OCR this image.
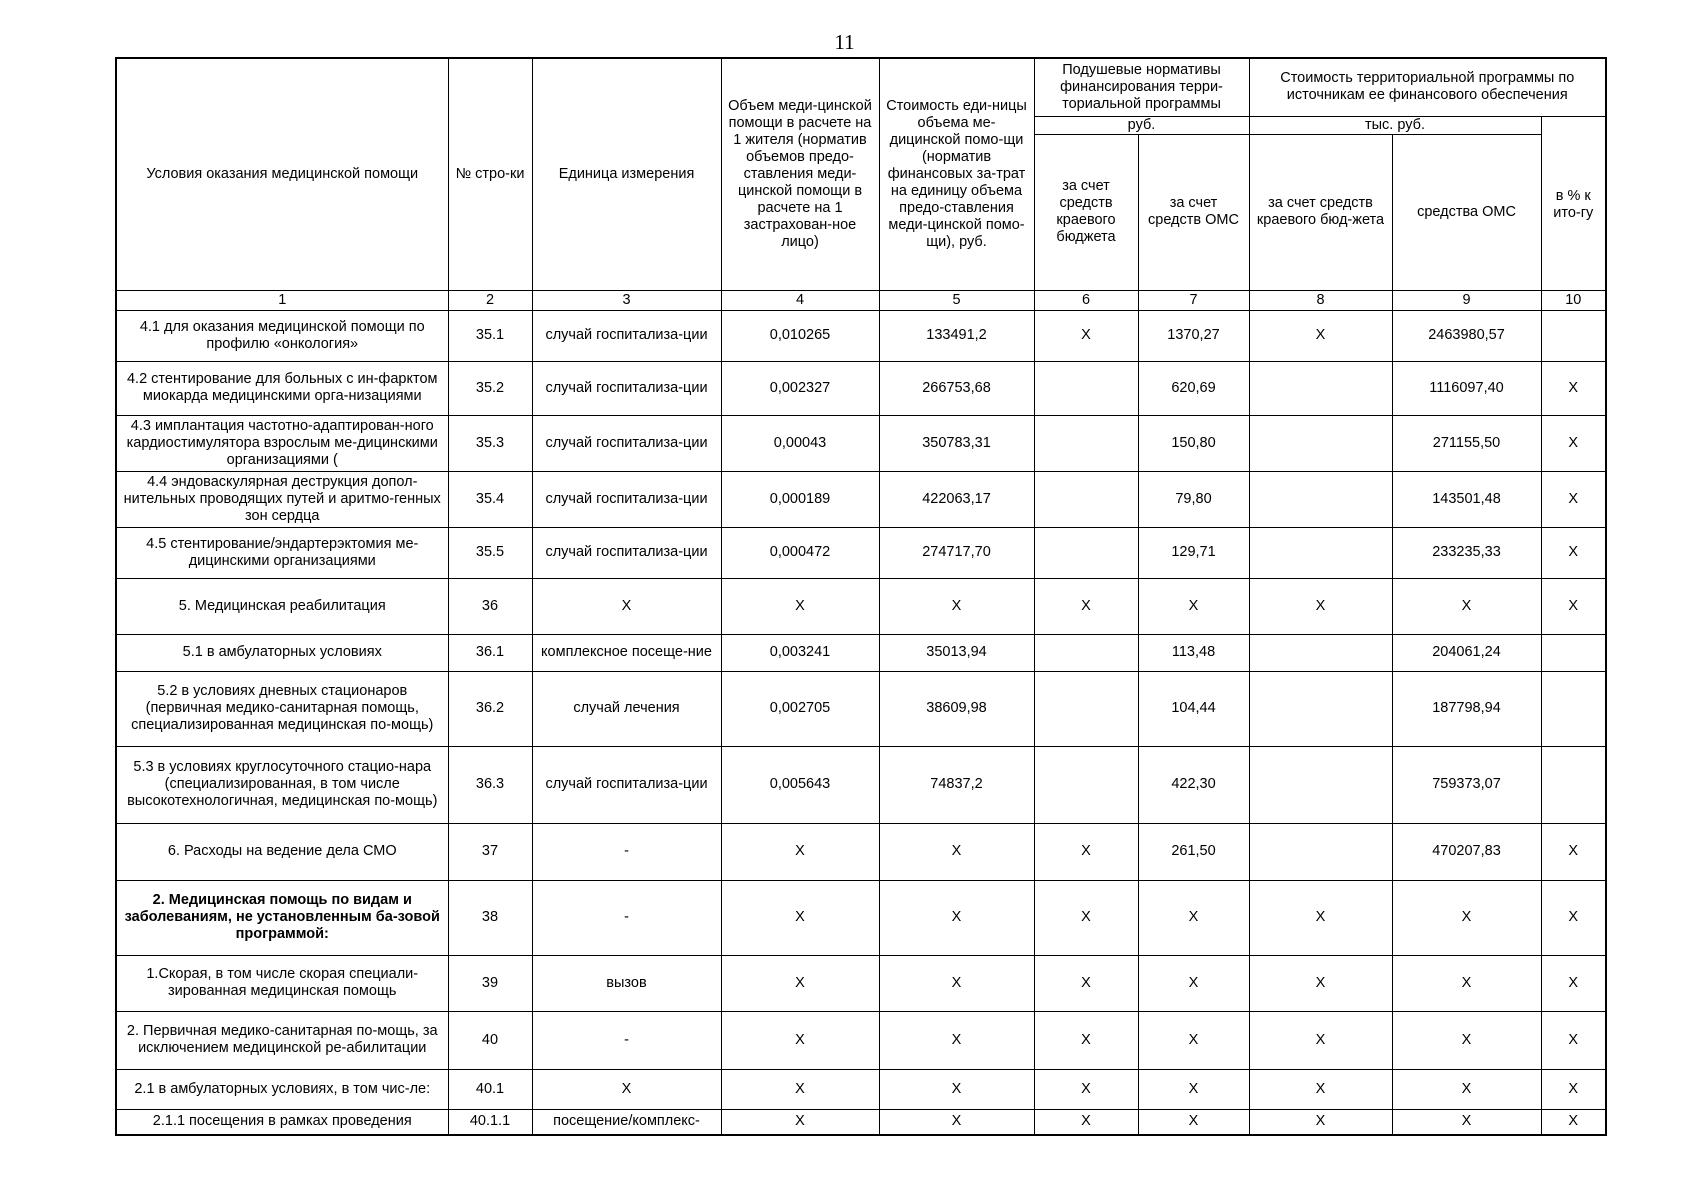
11
Условия оказания медицинской помощи	№ стро-ки	Единица измерения	Объем меди-цинской помощи в расчете на 1 жителя (норматив объемов предо-ставления меди-цинской помощи в расчете на 1 застрахован-ное лицо)	Стоимость еди-ницы объема ме-дицинской помо-щи (норматив финансовых за-трат на единицу объема предо-ставления меди-цинской помо-щи), руб.	Подушевые нормативы финансирования терри-ториальной программы		Стоимость территориальной программы по источникам ее финансового обеспечения		
					руб.		тыс. руб.		в % к ито-гу
					за счет средств краевого бюджета	за счет средств ОМС	за счет средств краевого бюд-жета	средства ОМС	

1	2	3	4	5	6	7	8	9	10
4.1 для оказания медицинской помощи по профилю «онкология»	35.1	случай госпитализа-ции	0,010265	133491,2	X	1370,27	X	2463980,57	
4.2 стентирование для больных с ин-фарктом миокарда медицинскими орга-низациями	35.2	случай госпитализа-ции	0,002327	266753,68		620,69		1116097,40	X
4.3 имплантация частотно-адаптирован-ного кардиостимулятора взрослым ме-дицинскими организациями (	35.3	случай госпитализа-ции	0,00043	350783,31		150,80		271155,50	X
4.4 эндоваскулярная деструкция допол-нительных проводящих путей и аритмо-генных зон сердца	35.4	случай госпитализа-ции	0,000189	422063,17		79,80		143501,48	X
4.5 стентирование/эндартерэктомия ме-дицинскими организациями	35.5	случай госпитализа-ции	0,000472	274717,70		129,71		233235,33	X
5. Медицинская реабилитация	36	X	X	X	X	X	X	X	X
5.1 в амбулаторных условиях	36.1	комплексное посеще-ние	0,003241	35013,94		113,48		204061,24	
5.2 в условиях дневных стационаров (первичная медико-санитарная помощь, специализированная медицинская по-мощь)	36.2	случай лечения	0,002705	38609,98		104,44		187798,94	
5.3 в условиях круглосуточного стацио-нара (специализированная, в том числе высокотехнологичная, медицинская по-мощь)	36.3	случай госпитализа-ции	0,005643	74837,2		422,30		759373,07	
6. Расходы на ведение дела СМО	37	-	X	X	X	261,50		470207,83	X
2. Медицинская помощь по видам и заболеваниям, не установленным ба-зовой программой:	38	-	X	X	X	X	X	X	X
1.Скорая, в том числе скорая специали-зированная медицинская помощь	39	вызов	X	X	X	X	X	X	X
2. Первичная медико-санитарная по-мощь, за исключением медицинской ре-абилитации	40	-	X	X	X	X	X	X	X
2.1 в амбулаторных условиях, в том чис-ле:	40.1	X	X	X	X	X	X	X	X
2.1.1 посещения в рамках проведения	40.1.1	посещение/комплекс-	X	X	X	X	X	X	X
